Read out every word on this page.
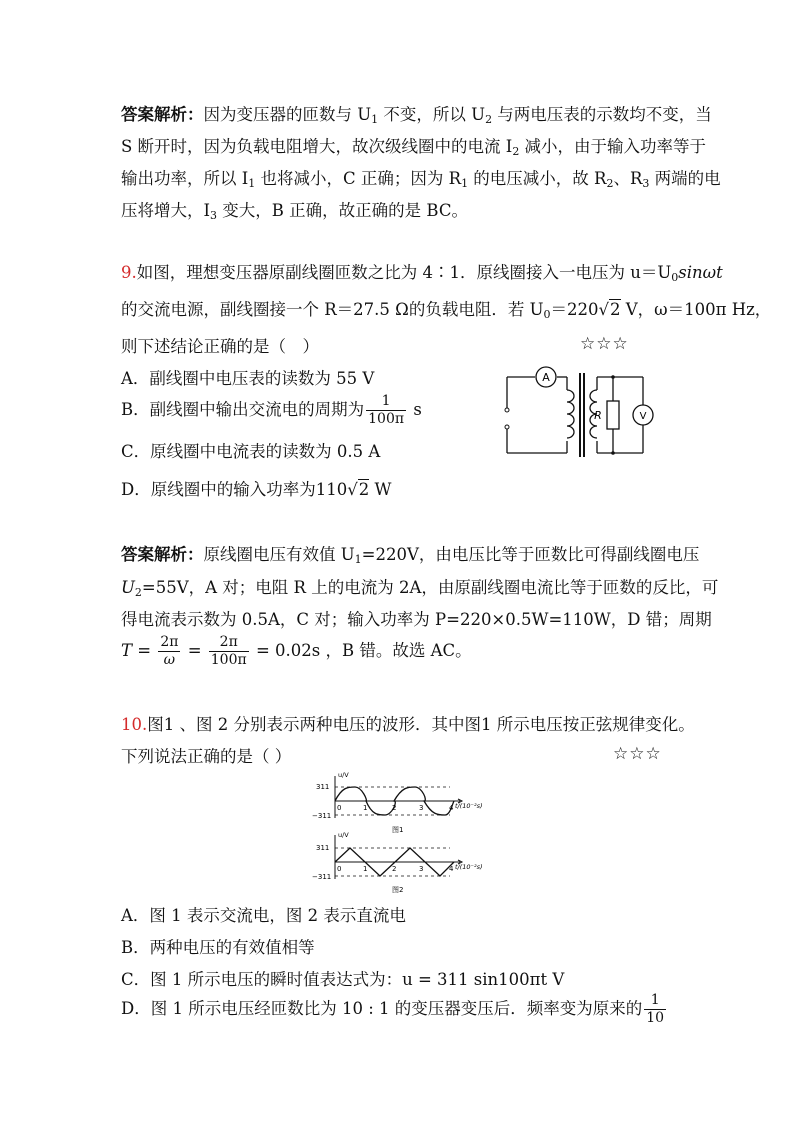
答案解析：因为变压器的匝数与 $U_1$ 不变，所以 $U_2$ 与两电压表的示数均不变，当
S 断开时，因为负载电阻增大，故次级线圈中的电流 $I_2$ 减小，由于输入功率等于
输出功率，所以 $I_1$ 也将减小，C 正确；因为 $R_1$ 的电压减小，故 $R_2$、$R_3$ 两端的电
压将增大，$I_3$ 变大，B 正确，故正确的是 BC。
9.如图，理想变压器原副线圈匝数之比为 4∶1．原线圈接入一电压为 $u=U_0\sin\omega t$
的交流电源，副线圈接一个 R＝27.5 Ω的负载电阻．若 $U_0=220√2$ V，ω＝100π Hz，
则下述结论正确的是（　）	☆☆☆
A．副线圈中电压表的读数为 55 V
B．副线圈中输出交流电的周期为 $\frac{1}{100\pi}$ s
C．原线圈中电流表的读数为 0.5 A
D．原线圈中的输入功率为110√2 W
A
R	V
答案解析：原线圈电压有效值 $U_1=220V$，由电压比等于匝数比可得副线圈电压
$U_2=55V$，A 对；电阻 R 上的电流为 2A，由原副线圈电流比等于匝数的反比，可
得电流表示数为 0.5A，C 对；输入功率为 P=220×0.5W=110W，D 错；周期
$T = \frac{2\pi}{\omega} = \frac{2\pi}{100\pi} = 0.02s$ ，B 错。故选 AC。
10.图1 、图 2 分别表示两种电压的波形．其中图1 所示电压按正弦规律变化。
下列说法正确的是（ ）	☆☆☆
u/V
311
−311
0	1	2	3	4 t/(10⁻²s)
图1
u/V
311
−311
0	1	2	3	4 t/(10⁻²s)
图2
A．图 1 表示交流电，图 2 表示直流电
B．两种电压的有效值相等
C．图 1 所示电压的瞬时值表达式为：u = 311 sin100πt V
D．图 1 所示电压经匝数比为 10 : 1 的变压器变压后．频率变为原来的 $\frac{1}{10}$
